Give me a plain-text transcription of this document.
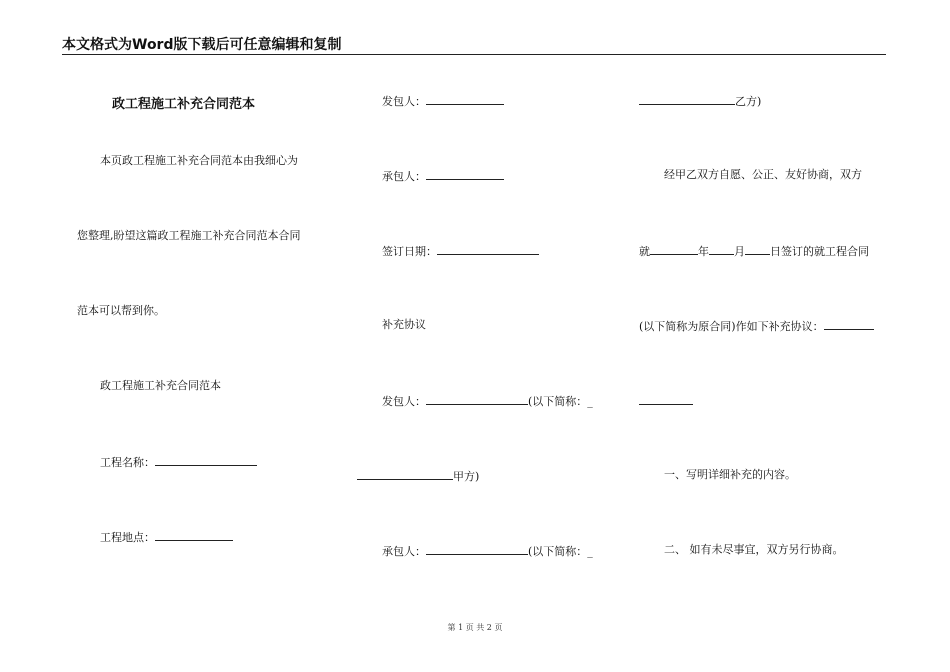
本文格式为Word版下载后可任意编辑和复制
政工程施工补充合同范本
本页政工程施工补充合同范本由我细心为
您整理,盼望这篇政工程施工补充合同范本合同
范本可以帮到你。
政工程施工补充合同范本
工程名称：
工程地点：
发包人：
承包人：
签订日期：
补充协议
发包人：	(以下简称：_
甲方)
承包人：	(以下简称：_
乙方)
经甲乙双方自愿、公正、友好协商，双方
就	年 月 日签订的就工程合同
(以下简称为原合同)作如下补充协议：
一、写明详细补充的内容。
二、 如有未尽事宜，双方另行协商。
第 1 页 共 2 页
